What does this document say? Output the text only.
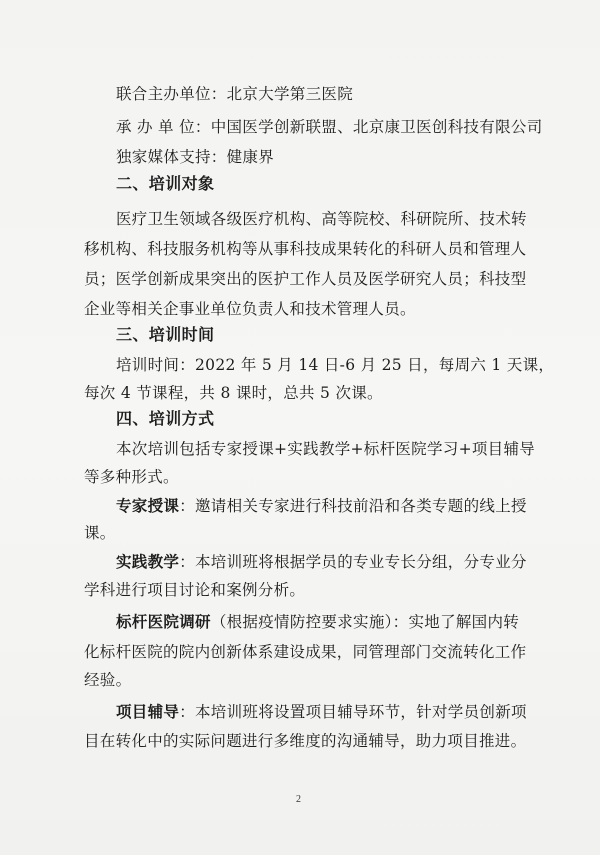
联合主办单位：北京大学第三医院
承 办 单 位：中国医学创新联盟、北京康卫医创科技有限公司
独家媒体支持：健康界
二、培训对象
医疗卫生领域各级医疗机构、高等院校、科研院所、技术转
移机构、科技服务机构等从事科技成果转化的科研人员和管理人
员；医学创新成果突出的医护工作人员及医学研究人员；科技型
企业等相关企事业单位负责人和技术管理人员。
三、培训时间
培训时间：2022 年 5 月 14 日-6 月 25 日，每周六 1 天课，
每次 4 节课程，共 8 课时，总共 5 次课。
四、培训方式
本次培训包括专家授课+实践教学+标杆医院学习+项目辅导
等多种形式。
专家授课：邀请相关专家进行科技前沿和各类专题的线上授
课。
实践教学：本培训班将根据学员的专业专长分组，分专业分
学科进行项目讨论和案例分析。
标杆医院调研（根据疫情防控要求实施）：实地了解国内转
化标杆医院的院内创新体系建设成果，同管理部门交流转化工作
经验。
项目辅导：本培训班将设置项目辅导环节，针对学员创新项
目在转化中的实际问题进行多维度的沟通辅导，助力项目推进。
2
